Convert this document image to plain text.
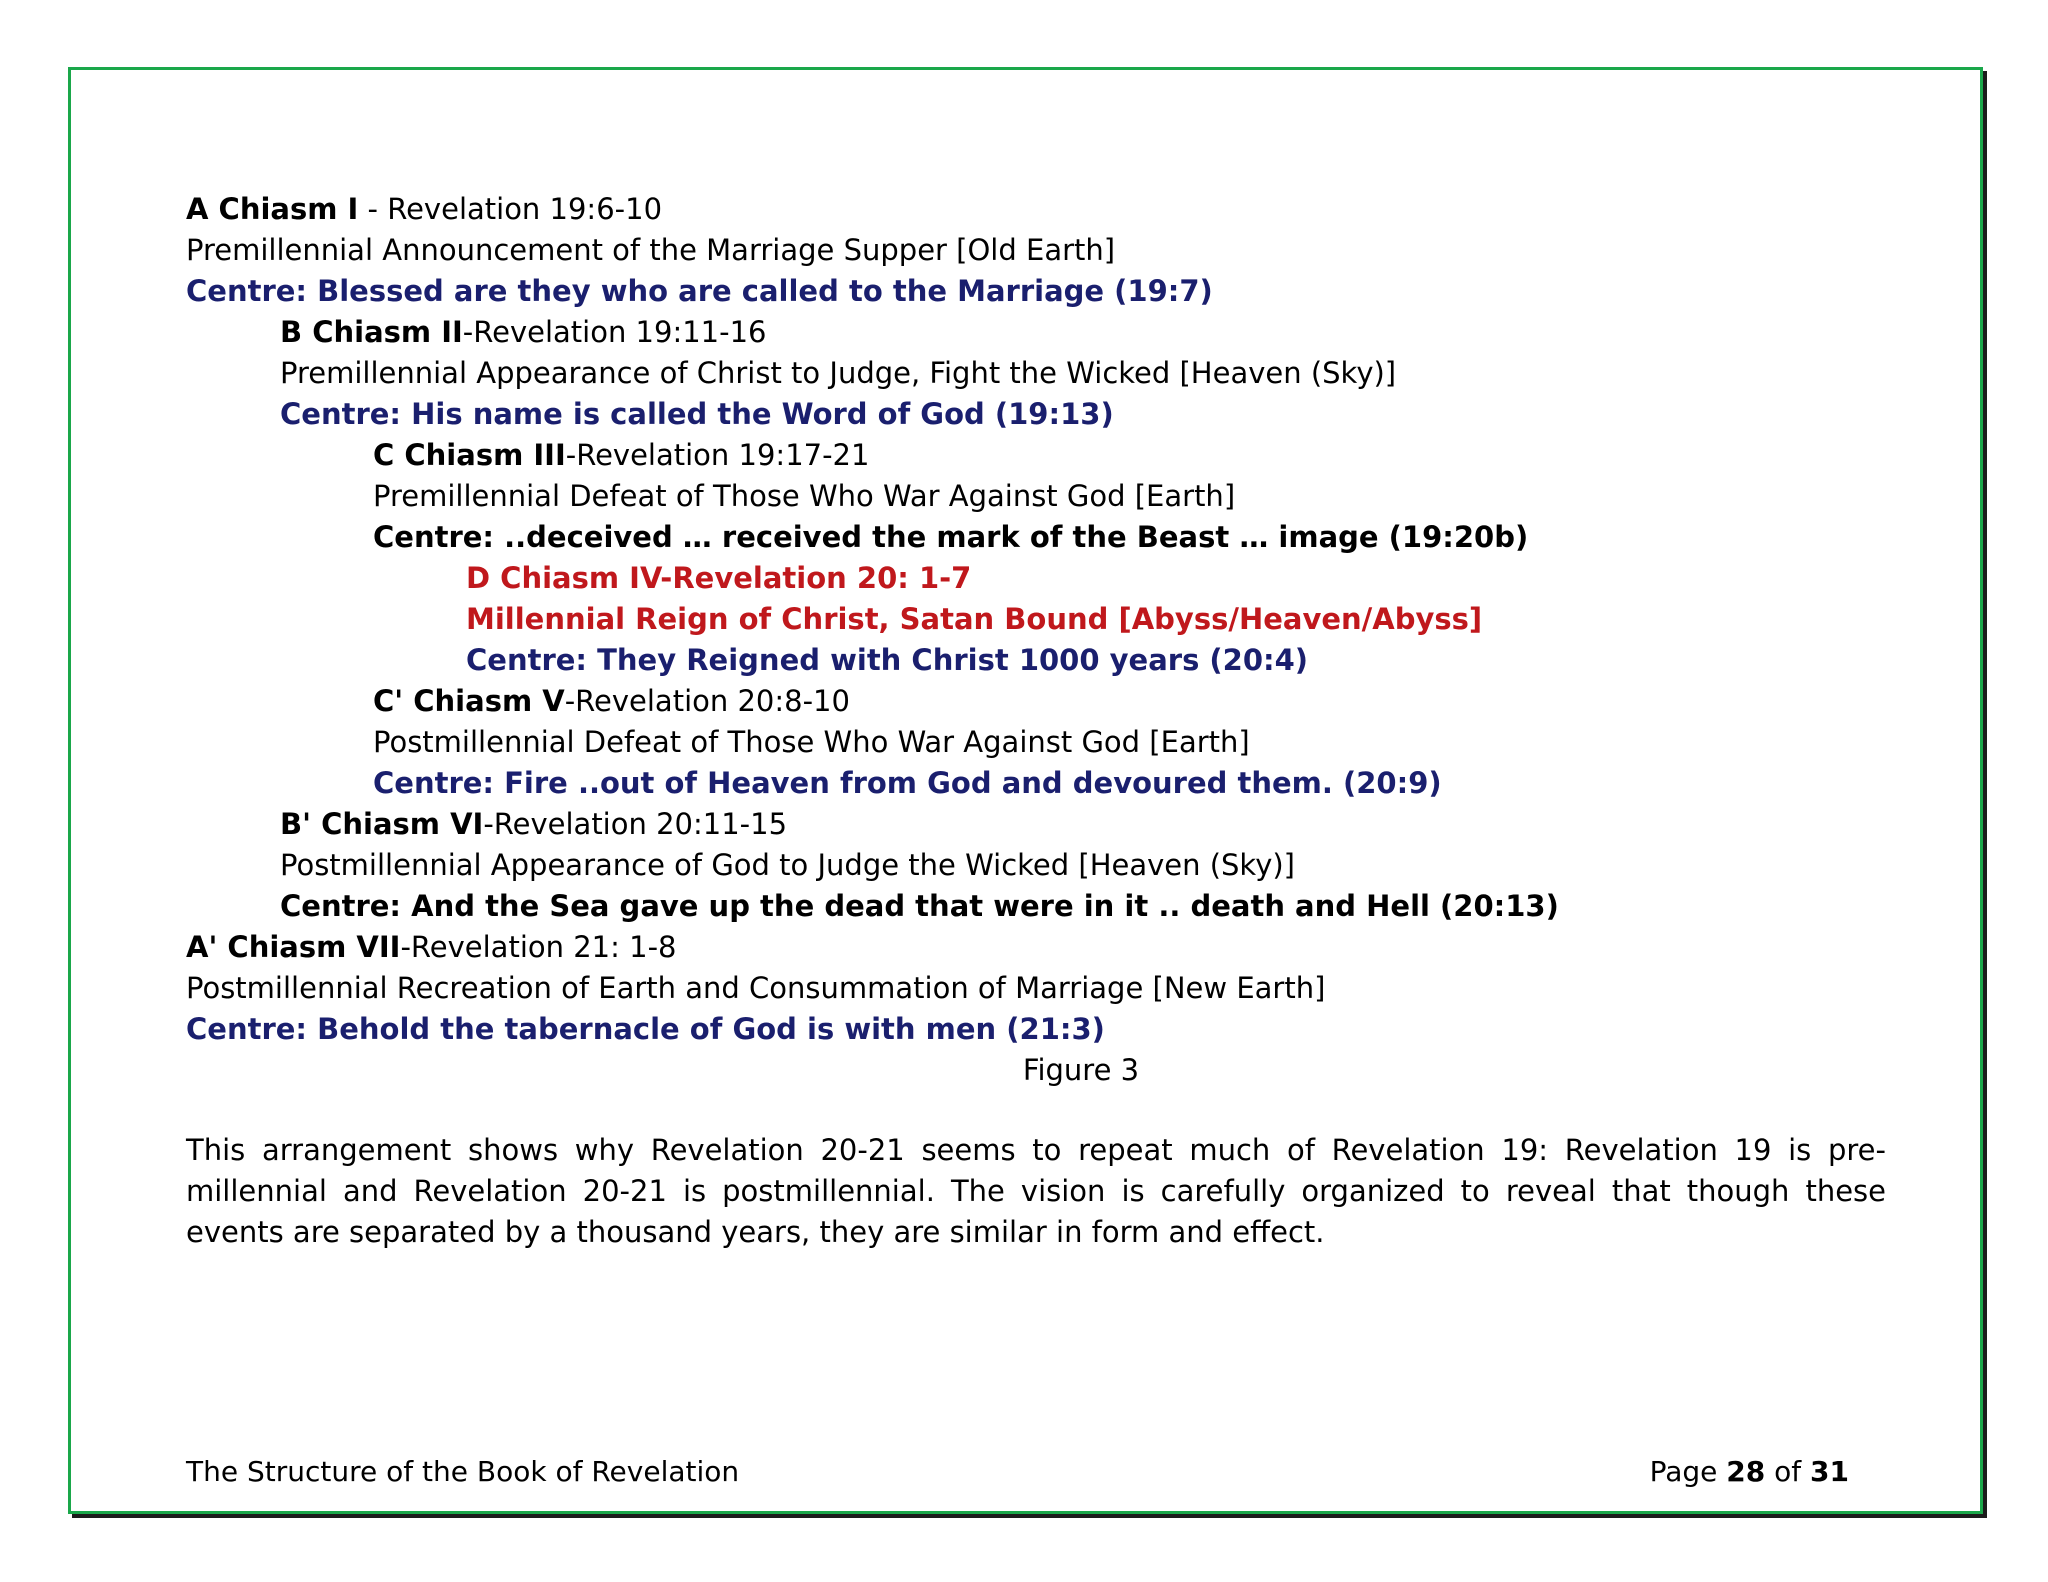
A Chiasm I - Revelation 19:6-10
Premillennial Announcement of the Marriage Supper [Old Earth]
Centre: Blessed are they who are called to the Marriage (19:7)
B Chiasm II-Revelation 19:11-16
Premillennial Appearance of Christ to Judge, Fight the Wicked [Heaven (Sky)]
Centre: His name is called the Word of God (19:13)
C Chiasm III-Revelation 19:17-21
Premillennial Defeat of Those Who War Against God [Earth]
Centre: ..deceived … received the mark of the Beast … image (19:20b)
D Chiasm IV-Revelation 20: 1-7
Millennial Reign of Christ, Satan Bound [Abyss/Heaven/Abyss]
Centre: They Reigned with Christ 1000 years (20:4)
C' Chiasm V-Revelation 20:8-10
Postmillennial Defeat of Those Who War Against God [Earth]
Centre: Fire ..out of Heaven from God and devoured them. (20:9)
B' Chiasm VI-Revelation 20:11-15
Postmillennial Appearance of God to Judge the Wicked [Heaven (Sky)]
Centre: And the Sea gave up the dead that were in it .. death and Hell (20:13)
A' Chiasm VII-Revelation 21: 1-8
Postmillennial Recreation of Earth and Consummation of Marriage [New Earth]
Centre: Behold the tabernacle of God is with men (21:3)
Figure 3
This arrangement shows why Revelation 20-21 seems to repeat much of Revelation 19: Revelation 19 is pre-millennial and Revelation 20-21 is postmillennial. The vision is carefully organized to reveal that though these events are separated by a thousand years, they are similar in form and effect.
The Structure of the Book of Revelation	Page 28 of 31
